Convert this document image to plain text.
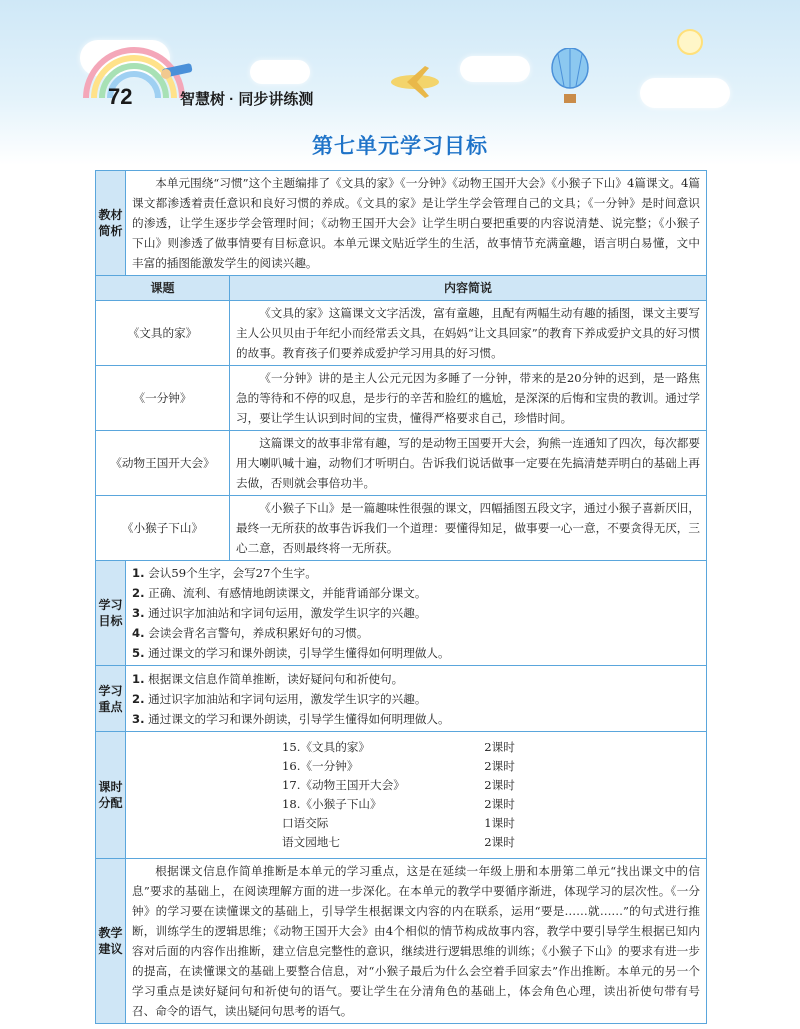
72	智慧树 · 同步讲练测
第七单元学习目标
教材简析	

本单元围绕“习惯”这个主题编排了《文具的家》《一分钟》《动物王国开大会》《小猴子下山》4篇课文。4篇课文都渗透着责任意识和良好习惯的养成。《文具的家》是让学生学会管理自己的文具；《一分钟》是时间意识的渗透，让学生逐步学会管理时间；《动物王国开大会》让学生明白要把重要的内容说清楚、说完整；《小猴子下山》则渗透了做事情要有目标意识。本单元课文贴近学生的生活，故事情节充满童趣，语言明白易懂，文中丰富的插图能激发学生的阅读兴趣。

课题	内容简说
《文具的家》	

《文具的家》这篇课文文字活泼，富有童趣，且配有两幅生动有趣的插图，课文主要写主人公贝贝由于年纪小而经常丢文具，在妈妈“让文具回家”的教育下养成爱护文具的好习惯的故事。教育孩子们要养成爱护学习用具的好习惯。

《一分钟》	

《一分钟》讲的是主人公元元因为多睡了一分钟，带来的是20分钟的迟到，是一路焦急的等待和不停的叹息，是步行的辛苦和脸红的尴尬，是深深的后悔和宝贵的教训。通过学习，要让学生认识到时间的宝贵，懂得严格要求自己，珍惜时间。

《动物王国开大会》	

这篇课文的故事非常有趣，写的是动物王国要开大会，狗熊一连通知了四次，每次都要用大喇叭喊十遍，动物们才听明白。告诉我们说话做事一定要在先搞清楚弄明白的基础上再去做，否则就会事倍功半。

《小猴子下山》	

《小猴子下山》是一篇趣味性很强的课文，四幅插图五段文字，通过小猴子喜新厌旧，最终一无所获的故事告诉我们一个道理：要懂得知足，做事要一心一意，不要贪得无厌，三心二意，否则最终将一无所获。

学习目标	
1. 会认59个生字，会写27个生字。
2. 正确、流利、有感情地朗读课文，并能背诵部分课文。
3. 通过识字加油站和字词句运用，激发学生识字的兴趣。
4. 会读会背名言警句，养成积累好句的习惯。
5. 通过课文的学习和课外朗读，引导学生懂得如何明理做人。

学习重点	
1. 根据课文信息作简单推断，读好疑问句和祈使句。
2. 通过识字加油站和字词句运用，激发学生识字的兴趣。
3. 通过课文的学习和课外朗读，引导学生懂得如何明理做人。

课时分配	
15.《文具的家》	2课时
16.《一分钟》	2课时
17.《动物王国开大会》	2课时
18.《小猴子下山》	2课时
口语交际	1课时
语文园地七	2课时

教学建议	

根据课文信息作简单推断是本单元的学习重点，这是在延续一年级上册和本册第二单元“找出课文中的信息”要求的基础上，在阅读理解方面的进一步深化。在本单元的教学中要循序渐进，体现学习的层次性。《一分钟》的学习要在读懂课文的基础上，引导学生根据课文内容的内在联系，运用“要是……就……”的句式进行推断，训练学生的逻辑思维；《动物王国开大会》由4个相似的情节构成故事内容，教学中要引导学生根据已知内容对后面的内容作出推断，建立信息完整性的意识，继续进行逻辑思维的训练；《小猴子下山》的要求有进一步的提高，在读懂课文的基础上要整合信息，对“小猴子最后为什么会空着手回家去”作出推断。本单元的另一个学习重点是读好疑问句和祈使句的语气。要让学生在分清角色的基础上，体会角色心理，读出祈使句带有号召、命令的语气，读出疑问句思考的语气。
